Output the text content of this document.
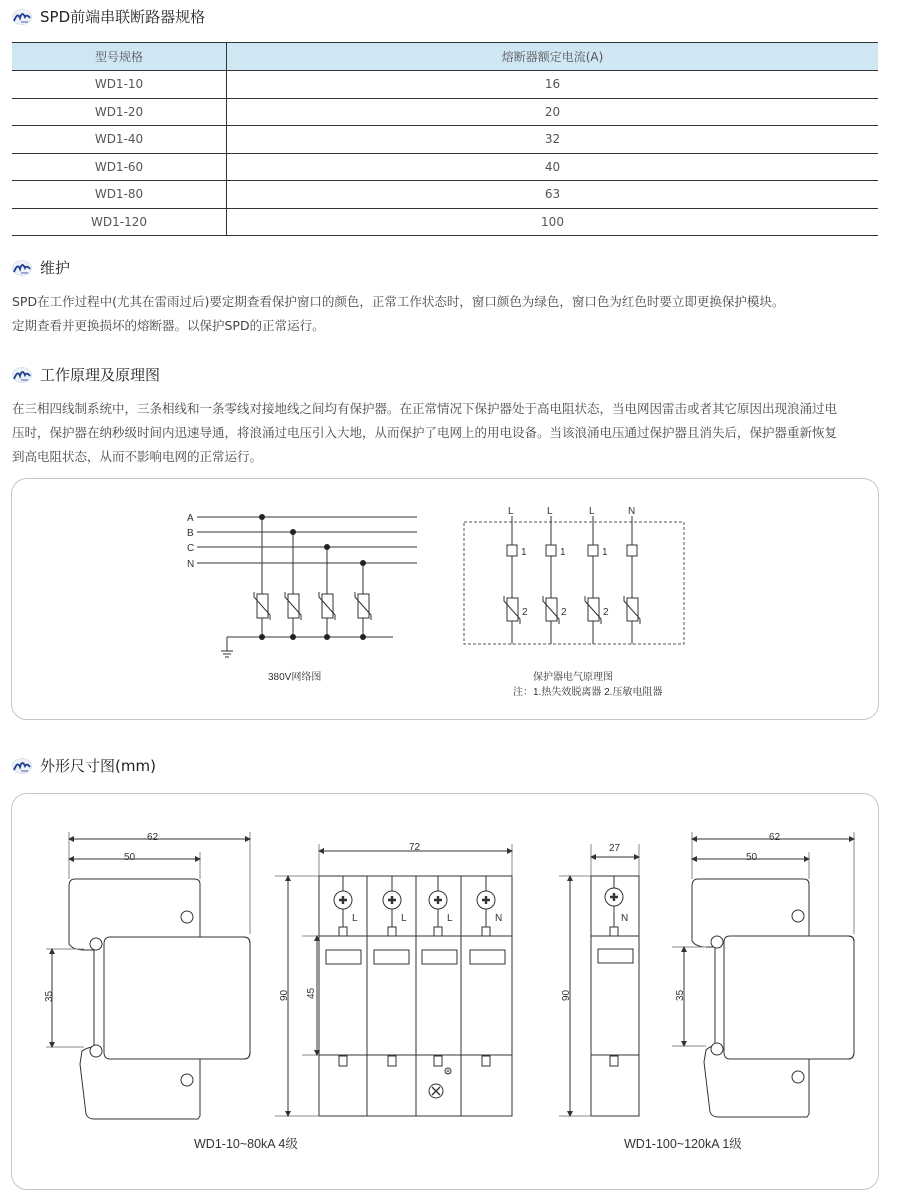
SPD前端串联断路器规格
型号规格	熔断器额定电流(A)
WD1-10	16
WD1-20	20
WD1-40	32
WD1-60	40
WD1-80	63
WD1-120	100
维护
SPD在工作过程中(尤其在雷雨过后)要定期查看保护窗口的颜色，正常工作状态时，窗口颜色为绿色，窗口色为红色时要立即更换保护模块。
定期查看并更换损坏的熔断器。以保护SPD的正常运行。
工作原理及原理图
在三相四线制系统中，三条相线和一条零线对接地线之间均有保护器。在正常情况下保护器处于高电阻状态，当电网因雷击或者其它原因出现浪涌过电
压时，保护器在纳秒级时间内迅速导通，将浪涌过电压引入大地，从而保护了电网上的用电设备。当该浪涌电压通过保护器且消失后，保护器重新恢复
到高电阻状态，从而不影响电网的正常运行。
A
B
C
N
380V网络图
L	L	L	N
1	1	1
2	2	2
保护器电气原理图
注：1.热失效脱离器 2.压敏电阻器
外形尺寸图(mm)
62
50
35
72
90 45
L	L	L	N
27
90
N
62
50
35
WD1-10~80kA 4级	WD1-100~120kA 1级
